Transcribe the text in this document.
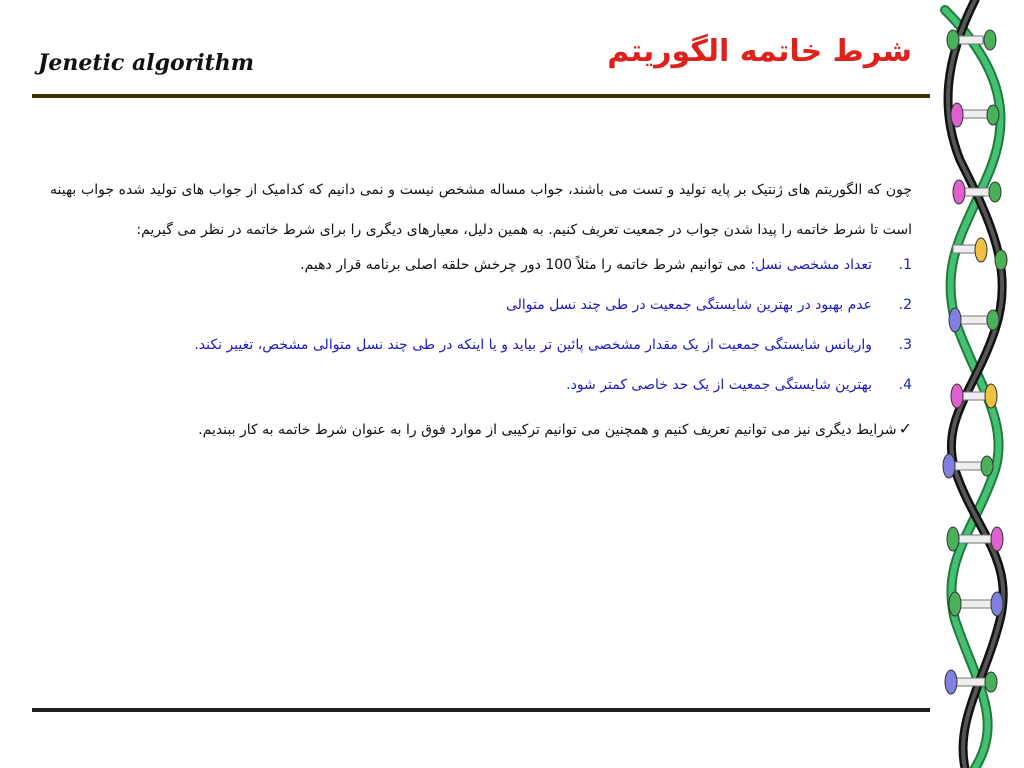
Jenetic algorithm	شرط خاتمه الگوریتم

چون که الگوریتم های ژنتیک بر پایه تولید و تست می باشند، جواب مساله مشخص نیست و نمی دانیم که کدامیک از جواب های تولید شده جواب بهینه است تا شرط خاتمه را پیدا شدن جواب در جمعیت تعریف کنیم. به همین دلیل، معیارهای دیگری را برای شرط خاتمه در نظر می گیریم:

1.
تعداد مشخصی نسل: می توانیم شرط خاتمه را مثلاً 100 دور چرخش حلقه اصلی برنامه قرار دهیم.
2.
عدم بهبود در بهترین شایستگی جمعیت در طی چند نسل متوالی
3.
واریانس شایستگی جمعیت از یک مقدار مشخصی پائین تر بیاید و یا اینکه در طی چند نسل متوالی مشخص، تغییر نکند.
4.
بهترین شایستگی جمعیت از یک حد خاصی کمتر شود.
✓شرایط دیگری نیز می توانیم تعریف کنیم و همچنین می توانیم ترکیبی از موارد فوق را به عنوان شرط خاتمه به کار ببندیم.
